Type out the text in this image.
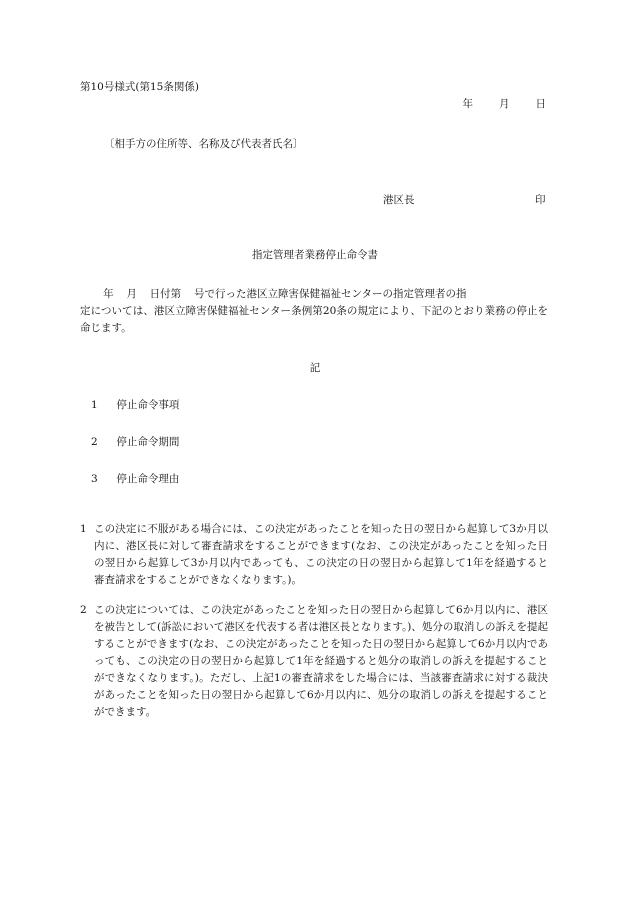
第10号様式(第15条関係)
年 月 日
〔相手方の住所等、名称及び代表者氏名〕
港区長	印
指定管理者業務停止命令書
年 月 日付第 号で行った港区立障害保健福祉センターの指定管理者の指
定については、港区立障害保健福祉センター条例第20条の規定により、下記のとおり業務の停止を命じます。
記
1 停止命令事項
2 停止命令期間
3 停止命令理由
1 この決定に不服がある場合には、この決定があったことを知った日の翌日から起算して3か月以内に、港区長に対して審査請求をすることができます(なお、この決定があったことを知った日の翌日から起算して3か月以内であっても、この決定の日の翌日から起算して1年を経過すると審査請求をすることができなくなります。)。
2 この決定については、この決定があったことを知った日の翌日から起算して6か月以内に、港区を被告として(訴訟において港区を代表する者は港区長となります。)、処分の取消しの訴えを提起することができます(なお、この決定があったことを知った日の翌日から起算して6か月以内であっても、この決定の日の翌日から起算して1年を経過すると処分の取消しの訴えを提起することができなくなります。)。ただし、上記1の審査請求をした場合には、当該審査請求に対する裁決があったことを知った日の翌日から起算して6か月以内に、処分の取消しの訴えを提起することができます。
